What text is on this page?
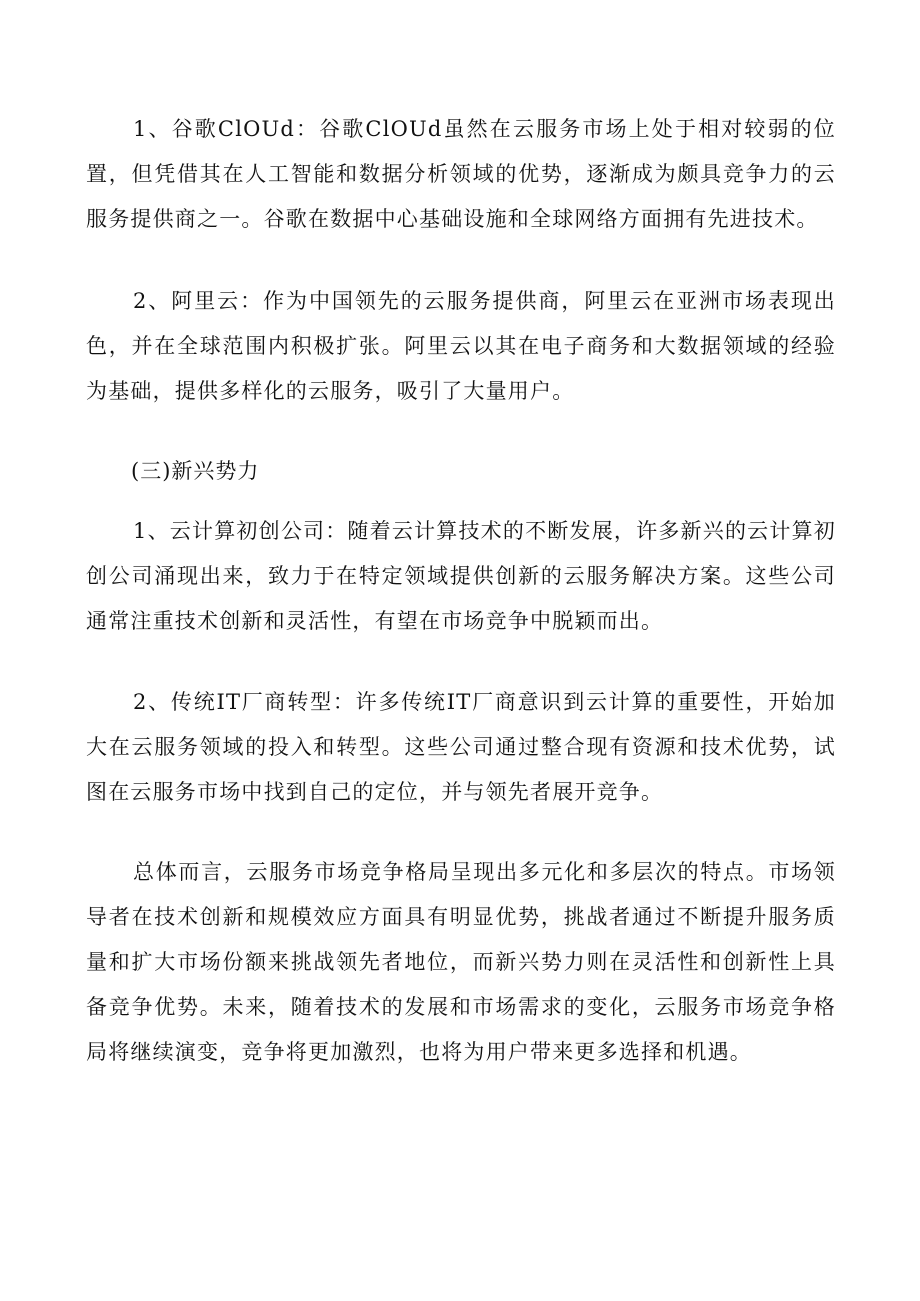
1、谷歌ClOUd：谷歌ClOUd虽然在云服务市场上处于相对较弱的位置，但凭借其在人工智能和数据分析领域的优势，逐渐成为颇具竞争力的云服务提供商之一。谷歌在数据中心基础设施和全球网络方面拥有先进技术。

2、阿里云：作为中国领先的云服务提供商，阿里云在亚洲市场表现出色，并在全球范围内积极扩张。阿里云以其在电子商务和大数据领域的经验为基础，提供多样化的云服务，吸引了大量用户。

(三)新兴势力

1、云计算初创公司：随着云计算技术的不断发展，许多新兴的云计算初创公司涌现出来，致力于在特定领域提供创新的云服务解决方案。这些公司通常注重技术创新和灵活性，有望在市场竞争中脱颖而出。

2、传统IT厂商转型：许多传统IT厂商意识到云计算的重要性，开始加大在云服务领域的投入和转型。这些公司通过整合现有资源和技术优势，试图在云服务市场中找到自己的定位，并与领先者展开竞争。

总体而言，云服务市场竞争格局呈现出多元化和多层次的特点。市场领导者在技术创新和规模效应方面具有明显优势，挑战者通过不断提升服务质量和扩大市场份额来挑战领先者地位，而新兴势力则在灵活性和创新性上具备竞争优势。未来，随着技术的发展和市场需求的变化，云服务市场竞争格局将继续演变，竞争将更加激烈，也将为用户带来更多选择和机遇。
